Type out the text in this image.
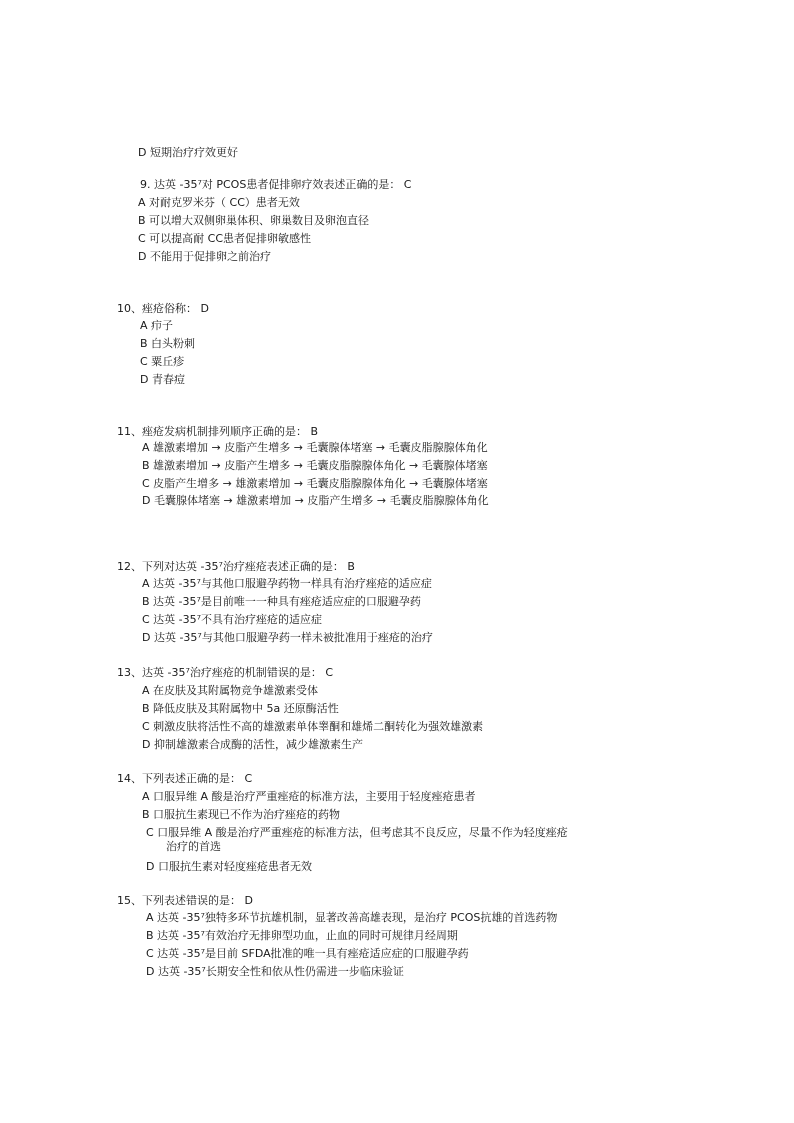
D 短期治疗疗效更好
9. 达英 -35⁷对 PCOS患者促排卵疗效表述正确的是： C
A 对耐克罗米芬（ CC）患者无效
B 可以增大双侧卵巢体积、卵巢数目及卵泡直径
C 可以提高耐 CC患者促排卵敏感性
D 不能用于促排卵之前治疗
10、痤疮俗称： D
A 疖子
B 白头粉刺
C 粟丘疹
D 青春痘
11、痤疮发病机制排列顺序正确的是： B
A 雄激素增加 → 皮脂产生增多 → 毛囊腺体堵塞 → 毛囊皮脂腺腺体角化
B 雄激素增加 → 皮脂产生增多 → 毛囊皮脂腺腺体角化 → 毛囊腺体堵塞
C 皮脂产生增多 → 雄激素增加 → 毛囊皮脂腺腺体角化 → 毛囊腺体堵塞
D 毛囊腺体堵塞 → 雄激素增加 → 皮脂产生增多 → 毛囊皮脂腺腺体角化
12、下列对达英 -35⁷治疗痤疮表述正确的是： B
A 达英 -35⁷与其他口服避孕药物一样具有治疗痤疮的适应症
B 达英 -35⁷是目前唯一一种具有痤疮适应症的口服避孕药
C 达英 -35⁷不具有治疗痤疮的适应症
D 达英 -35⁷与其他口服避孕药一样未被批准用于痤疮的治疗
13、达英 -35⁷治疗痤疮的机制错误的是： C
A 在皮肤及其附属物竞争雄激素受体
B 降低皮肤及其附属物中 5a 还原酶活性
C 刺激皮肤将活性不高的雄激素单体睾酮和雄烯二酮转化为强效雄激素
D 抑制雄激素合成酶的活性，减少雄激素生产
14、下列表述正确的是： C
A 口服异维 A 酸是治疗严重痤疮的标准方法，主要用于轻度痤疮患者
B 口服抗生素现已不作为治疗痤疮的药物
C 口服异维 A 酸是治疗严重痤疮的标准方法，但考虑其不良反应，尽量不作为轻度痤疮
治疗的首选
D 口服抗生素对轻度痤疮患者无效
15、下列表述错误的是： D
A 达英 -35⁷独特多环节抗雄机制，显著改善高雄表现，是治疗 PCOS抗雄的首选药物
B 达英 -35⁷有效治疗无排卵型功血，止血的同时可规律月经周期
C 达英 -35⁷是目前 SFDA批准的唯一具有痤疮适应症的口服避孕药
D 达英 -35⁷长期安全性和依从性仍需进一步临床验证
